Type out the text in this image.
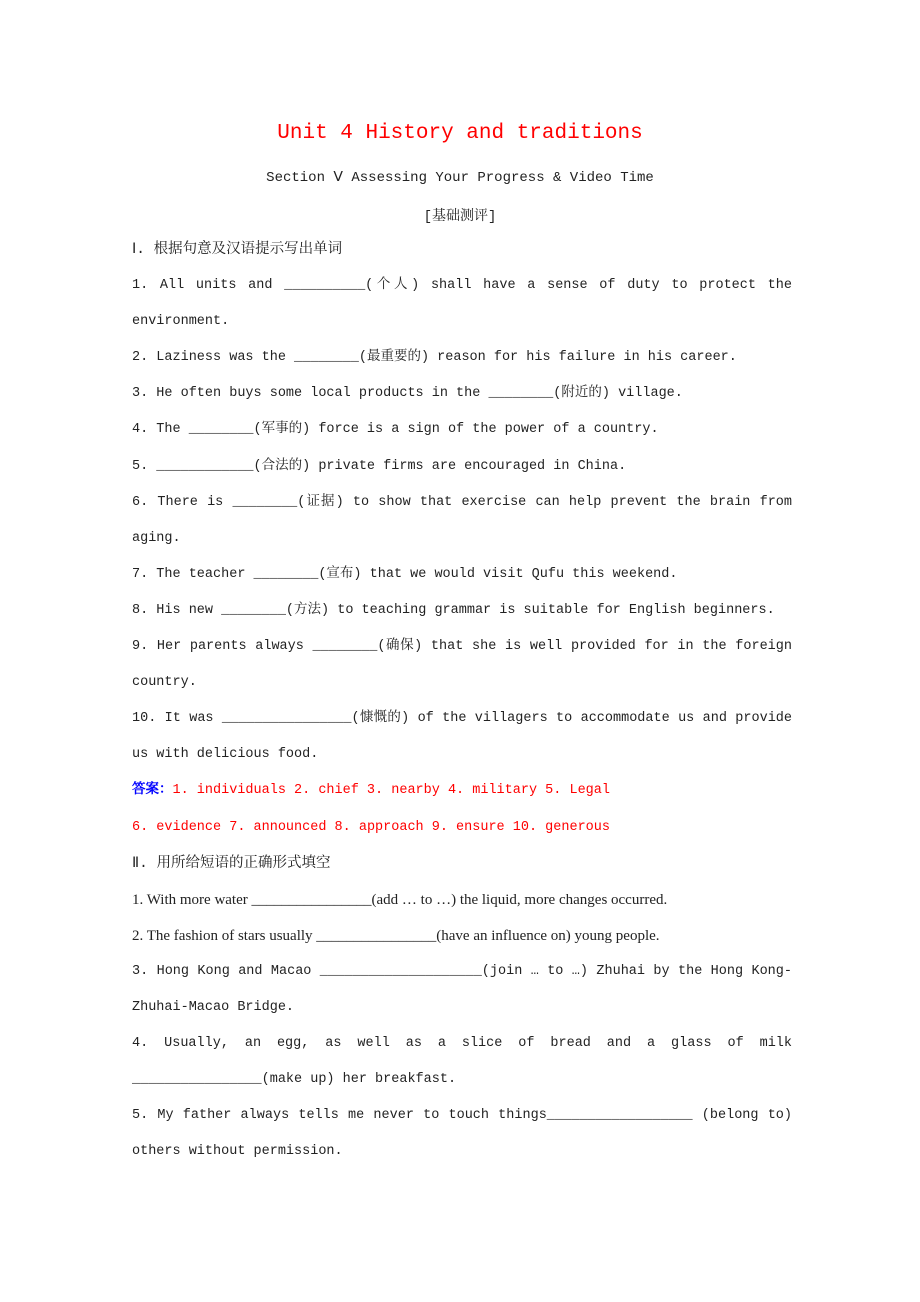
Unit 4 History and traditions
Section Ⅴ Assessing Your Progress & Video Time
[基础测评]

Ⅰ. 根据句意及汉语提示写出单词

1. All units and __________(个人) shall have a sense of duty to protect the environment.

2. Laziness was the ________(最重要的) reason for his failure in his career.

3. He often buys some local products in the ________(附近的) village.

4. The ________(军事的) force is a sign of the power of a country.

5. ____________(合法的) private firms are encouraged in China.

6. There is ________(证据) to show that exercise can help prevent the brain from aging.

7. The teacher ________(宣布) that we would visit Qufu this weekend.

8. His new ________(方法) to teaching grammar is suitable for English beginners.

9. Her parents always ________(确保) that she is well provided for in the foreign country.

10. It was ________________(慷慨的) of the villagers to accommodate us and provide us with delicious food.

答案：1. individuals 2. chief 3. nearby 4. military 5. Legal

6. evidence 7. announced 8. approach 9. ensure 10. generous

Ⅱ. 用所给短语的正确形式填空

1. With more water ________________(add … to …) the liquid, more changes occurred.

2. The fashion of stars usually ________________(have an influence on) young people.

3. Hong Kong and Macao ____________________(join … to …) Zhuhai by the Hong Kong-Zhuhai-Macao Bridge.

4. Usually, an egg, as well as a slice of bread and a glass of milk ________________(make up) her breakfast.

5. My father always tells me never to touch things__________________ (belong to) others without permission.
